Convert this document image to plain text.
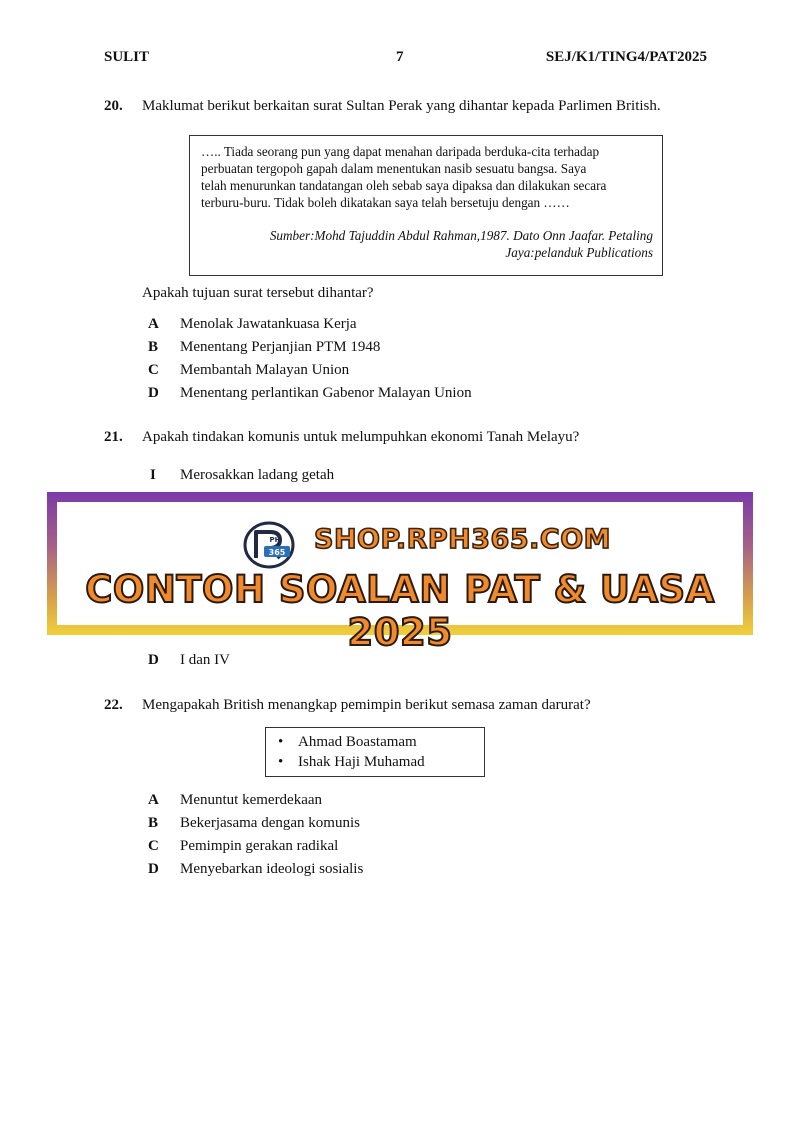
SULIT	7	SEJ/K1/TING4/PAT2025
20. Maklumat berikut berkaitan surat Sultan Perak yang dihantar kepada Parlimen British.
….. Tiada seorang pun yang dapat menahan daripada berduka-cita terhadap
perbuatan tergopoh gapah dalam menentukan nasib sesuatu bangsa. Saya
telah menurunkan tandatangan oleh sebab saya dipaksa dan dilakukan secara
terburu-buru. Tidak boleh dikatakan saya telah bersetuju dengan ……
Sumber:Mohd Tajuddin Abdul Rahman,1987. Dato Onn Jaafar. Petaling
Jaya:pelanduk Publications
Apakah tujuan surat tersebut dihantar?
A Menolak Jawatankuasa Kerja
B Menentang Perjanjian PTM 1948
C Membantah Malayan Union
D Menentang perlantikan Gabenor Malayan Union
21. Apakah tindakan komunis untuk melumpuhkan ekonomi Tanah Melayu?
I Merosakkan ladang getah
D I dan IV
22. Mengapakah British menangkap pemimpin berikut semasa zaman darurat?
• Ahmad Boastamam
• Ishak Haji Muhamad
A Menuntut kemerdekaan
B Bekerjasama dengan komunis
C Pemimpin gerakan radikal
D Menyebarkan ideologi sosialis
365
PH SHOP.RPH365.COM
CONTOH SOALAN PAT & UASA 2025
